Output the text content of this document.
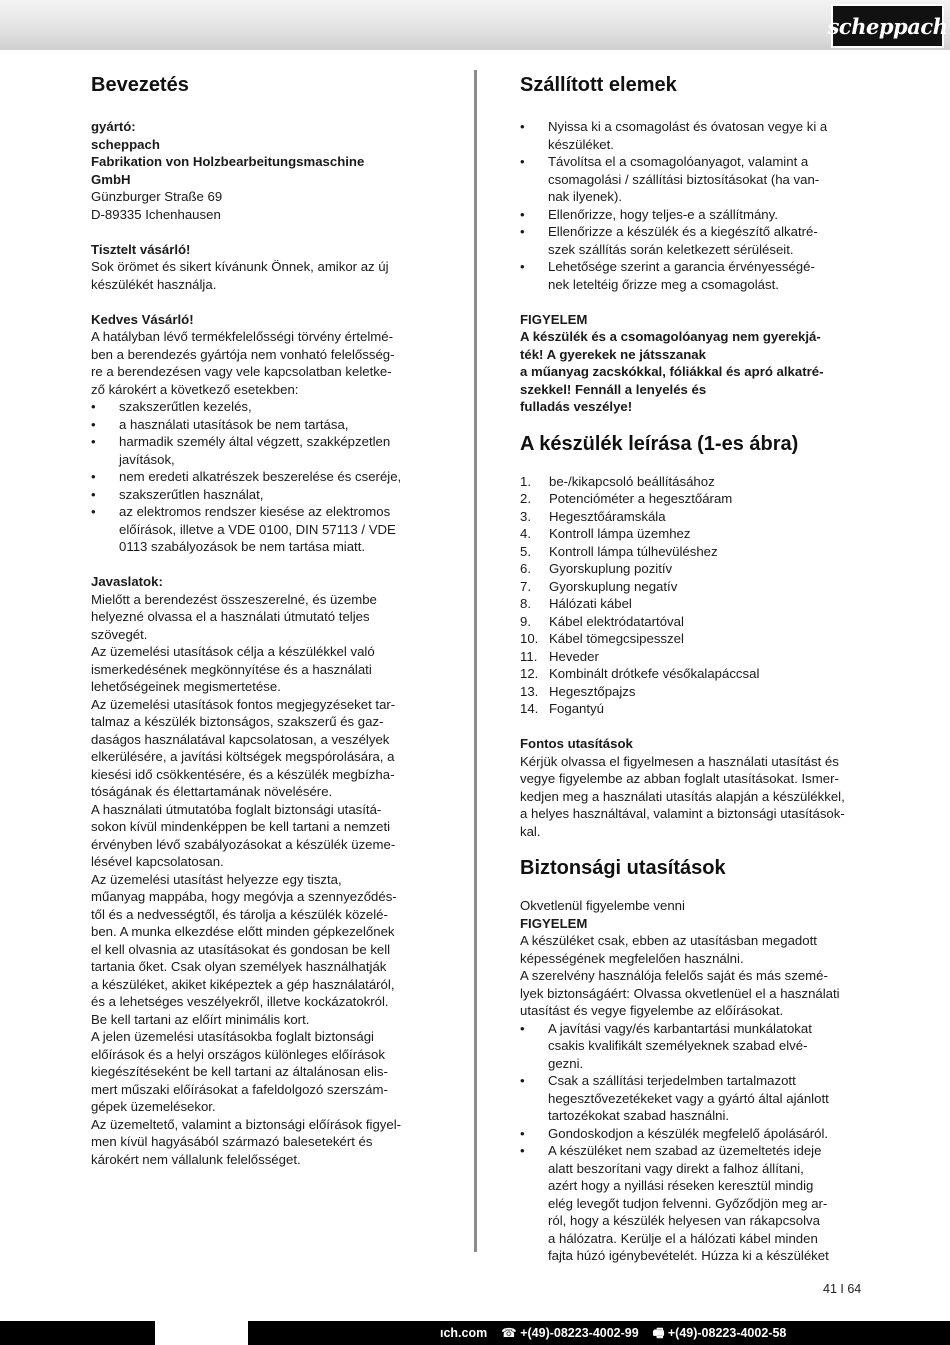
scheppach
Bevezetés
gyártó:
scheppach
Fabrikation von Holzbearbeitungsmaschine
GmbH
Günzburger Straße 69
D-89335 Ichenhausen
Tisztelt vásárló!
Sok örömet és sikert kívánunk Önnek, amikor az új
készülékét használja.
Kedves Vásárló!
A hatályban lévő termékfelelősségi törvény értelmé-
ben a berendezés gyártója nem vonható felelősség-
re a berendezésen vagy vele kapcsolatban keletke-
ző károkért a következő esetekben:
• szakszerűtlen kezelés,
• a használati utasítások be nem tartása,
• harmadik személy által végzett, szakképzetlen
javítások,
• nem eredeti alkatrészek beszerelése és cseréje,
• szakszerűtlen használat,
• az elektromos rendszer kiesése az elektromos
előírások, illetve a VDE 0100, DIN 57113 / VDE
0113 szabályozások be nem tartása miatt.
Javaslatok:
Mielőtt a berendezést összeszerelné, és üzembe
helyezné olvassa el a használati útmutató teljes
szövegét.
Az üzemelési utasítások célja a készülékkel való
ismerkedésének megkönnyítése és a használati
lehetőségeinek megismertetése.
Az üzemelési utasítások fontos megjegyzéseket tar-
talmaz a készülék biztonságos, szakszerű és gaz-
daságos használatával kapcsolatosan, a veszélyek
elkerülésére, a javítási költségek megspórolására, a
kiesési idő csökkentésére, és a készülék megbízha-
tóságának és élettartamának növelésére.
A használati útmutatóba foglalt biztonsági utasítá-
sokon kívül mindenképpen be kell tartani a nemzeti
érvényben lévő szabályozásokat a készülék üzeme-
lésével kapcsolatosan.
Az üzemelési utasítást helyezze egy tiszta,
műanyag mappába, hogy megóvja a szennyeződés-
től és a nedvességtől, és tárolja a készülék közelé-
ben. A munka elkezdése előtt minden gépkezelőnek
el kell olvasnia az utasításokat és gondosan be kell
tartania őket. Csak olyan személyek használhatják
a készüléket, akiket kiképeztek a gép használatáról,
és a lehetséges veszélyekről, illetve kockázatokról.
Be kell tartani az előírt minimális kort.
A jelen üzemelési utasításokba foglalt biztonsági
előírások és a helyi országos különleges előírások
kiegészítéseként be kell tartani az általánosan elis-
mert műszaki előírásokat a fafeldolgozó szerszám-
gépek üzemelésekor.
Az üzemeltető, valamint a biztonsági előírások figyel-
men kívül hagyásából származó balesetekért és
károkért nem vállalunk felelősséget.
Szállított elemek
• Nyissa ki a csomagolást és óvatosan vegye ki a
készüléket.
• Távolítsa el a csomagolóanyagot, valamint a
csomagolási / szállítási biztosításokat (ha van-
nak ilyenek).
• Ellenőrizze, hogy teljes-e a szállítmány.
• Ellenőrizze a készülék és a kiegészítő alkatré-
szek szállítás során keletkezett sérüléseit.
• Lehetősége szerint a garancia érvényességé-
nek leteltéig őrizze meg a csomagolást.
FIGYELEM
A készülék és a csomagolóanyag nem gyerekjá-
ték! A gyerekek ne játsszanak
a műanyag zacskókkal, fóliákkal és apró alkatré-
szekkel! Fennáll a lenyelés és
fulladás veszélye!
A készülék leírása (1-es ábra)
1.	be-/kikapcsoló beállításához
2.	Potencióméter a hegesztőáram
3.	Hegesztőáramskála
4.	Kontroll lámpa üzemhez
5.	Kontroll lámpa túlhevüléshez
6.	Gyorskuplung pozitív
7.	Gyorskuplung negatív
8.	Hálózati kábel
9.	Kábel elektródatartóval
10. Kábel tömegcsipesszel
11. Heveder
12. Kombinált drótkefe vésőkalapáccsal
13. Hegesztőpajzs
14. Fogantyú
Fontos utasítások
Kérjük olvassa el figyelmesen a használati utasítást és
vegye figyelembe az abban foglalt utasításokat. Ismer-
kedjen meg a használati utasítás alapján a készülékkel,
a helyes használtával, valamint a biztonsági utasítások-
kal.
Biztonsági utasítások
Okvetlenül figyelembe venni
FIGYELEM
A készüléket csak, ebben az utasításban megadott
képességének megfelelően használni.
A szerelvény használója felelős saját és más szemé-
lyek biztonságáért: Olvassa okvetlenüel el a használati
utasítást és vegye figyelembe az előírásokat.
• A javítási vagy/és karbantartási munkálatokat
csakis kvalifikált személyeknek szabad elvé-
gezni.
• Csak a szállítási terjedelmben tartalmazott
hegesztővezetékeket vagy a gyártó által ajánlott
tartozékokat szabad használni.
• Gondoskodjon a készülék megfelelő ápolásáról.
• A készüléket nem szabad az üzemeltetés ideje
alatt beszorítani vagy direkt a falhoz állítani,
azért hogy a nyillási réseken keresztül mindig
elég levegőt tudjon felvenni. Győződjön meg ar-
ról, hogy a készülék helyesen van rákapcsolva
a hálózatra. Kerülje el a hálózati kábel minden
fajta húzó igénybevételét. Húzza ki a készüléket
41 I 64
ıch.com ☎ +(49)-08223-4002-99 🖷 +(49)-08223-4002-58
